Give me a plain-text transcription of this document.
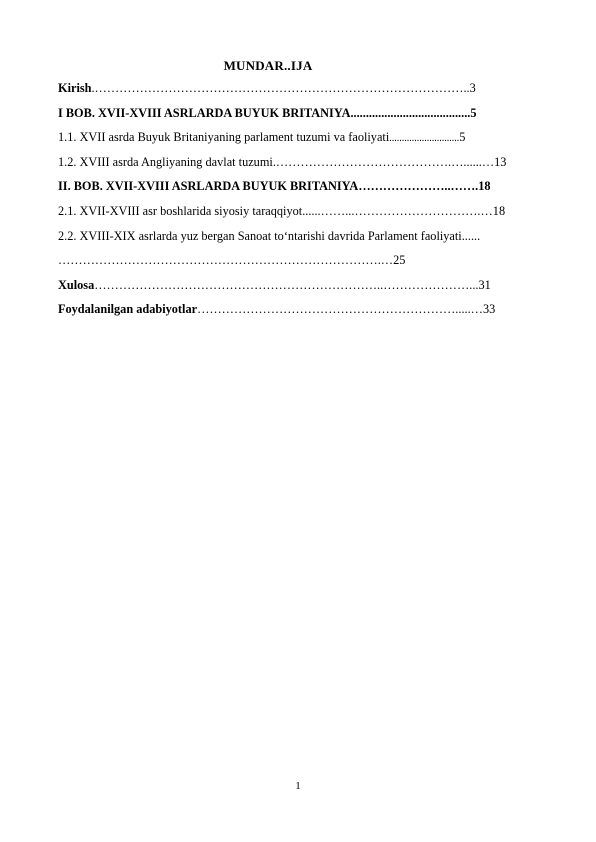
MUNDAR..IJA
Kirish.………………………………………………………………………………..3
I BOB. XVII-XVIII ASRLARDA BUYUK BRITANIYA.......................................5
1.1. XVII asrda Buyuk Britaniyaning parlament tuzumi va faoliyati............................5
1.2. XVIII asrda Angliyaning davlat tuzumi.…………………………………….…......…13
II. BOB. XVII-XVIII ASRLARDA BUYUK BRITANIYA…………………..…….18
2.1. XVII-XVIII asr boshlarida siyosiy taraqqiyot......……...………………………….…18
2.2. XVIII-XIX asrlarda yuz bergan Sanoat to‘ntarishi davrida Parlament faoliyati......
…………………………………………………………………….…25
Xulosa……………………………………………………………..…………………...31
Foydalanilgan adabiyotlar……………………………………………………….....…33
1
